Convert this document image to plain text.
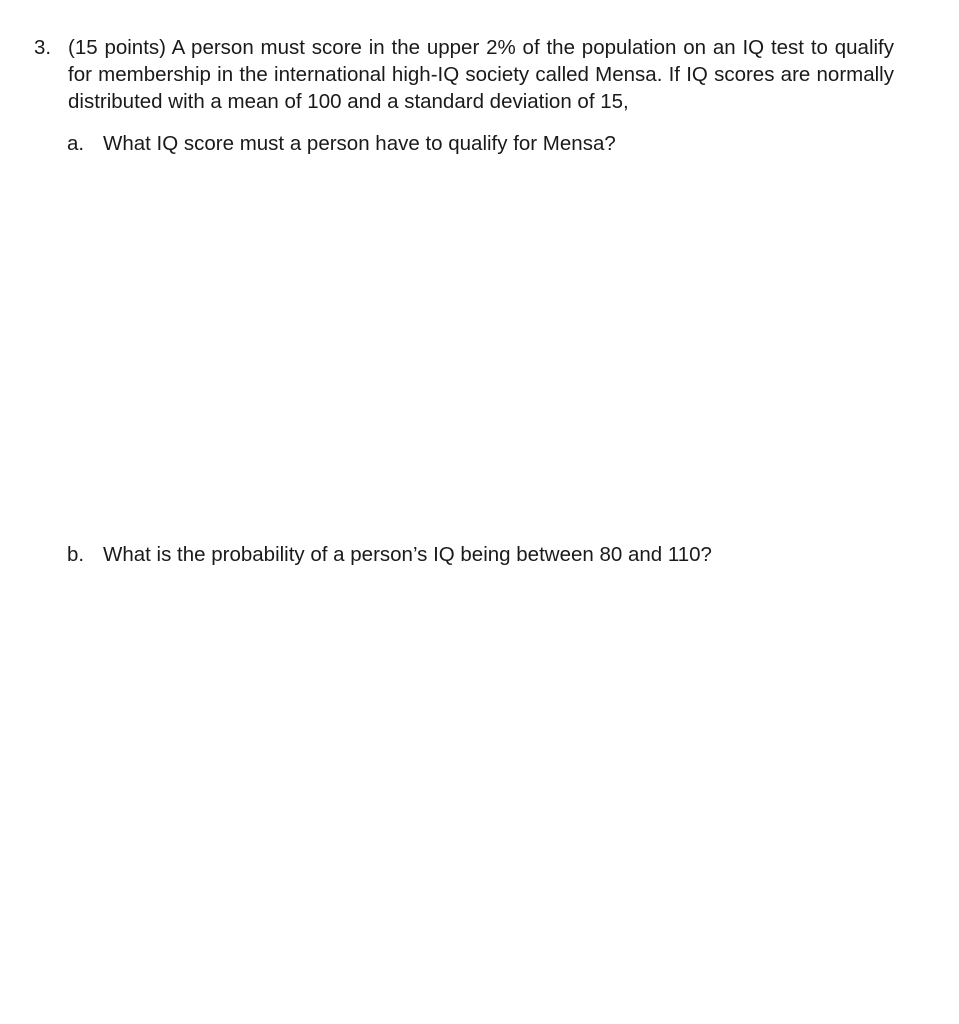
3. (15 points) A person must score in the upper 2% of the population on an IQ test to qualify for membership in the international high-IQ society called Mensa. If IQ scores are normally distributed with a mean of 100 and a standard deviation of 15,
a. What IQ score must a person have to qualify for Mensa?
b. What is the probability of a person’s IQ being between 80 and 110?
